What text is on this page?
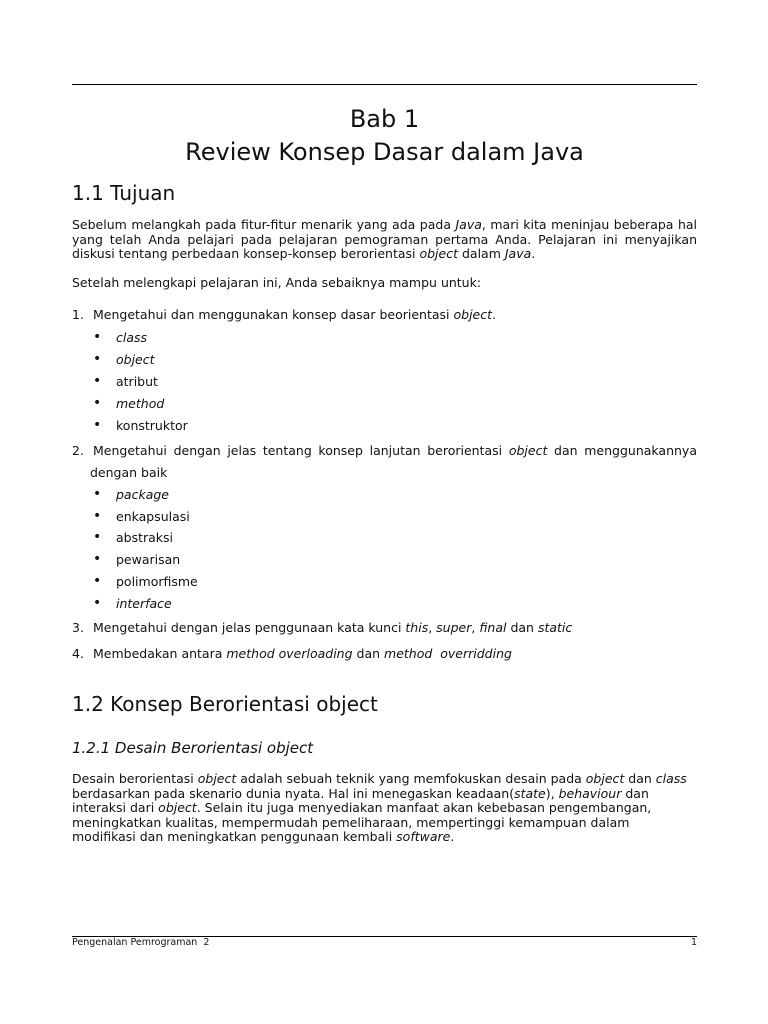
Bab 1
Review Konsep Dasar dalam Java
1.1 Tujuan

Sebelum melangkah pada fitur-fitur menarik yang ada pada Java, mari kita meninjau beberapa hal yang telah Anda pelajari pada pelajaran pemograman pertama Anda. Pelajaran ini menyajikan diskusi tentang perbedaan konsep-konsep berorientasi object dalam Java.

Setelah melengkapi pelajaran ini, Anda sebaiknya mampu untuk:

1. Mengetahui dan menggunakan konsep dasar beorientasi object.
• class
• object
• atribut
• method
• konstruktor
2. Mengetahui dengan jelas tentang konsep lanjutan berorientasi object dan menggunakannya
dengan baik
• package
• enkapsulasi
• abstraksi
• pewarisan
• polimorfisme
• interface
3. Mengetahui dengan jelas penggunaan kata kunci this, super, final dan static
4. Membedakan antara method overloading dan method  overridding
1.2 Konsep Berorientasi object
1.2.1 Desain Berorientasi object
Desain berorientasi object adalah sebuah teknik yang memfokuskan desain pada object dan class
berdasarkan pada skenario dunia nyata. Hal ini menegaskan keadaan(state), behaviour dan
interaksi dari object. Selain itu juga menyediakan manfaat akan kebebasan pengembangan,
meningkatkan kualitas, mempermudah pemeliharaan, mempertinggi kemampuan dalam
modifikasi dan meningkatkan penggunaan kembali software.
Pengenalan Pemrograman  2	1
